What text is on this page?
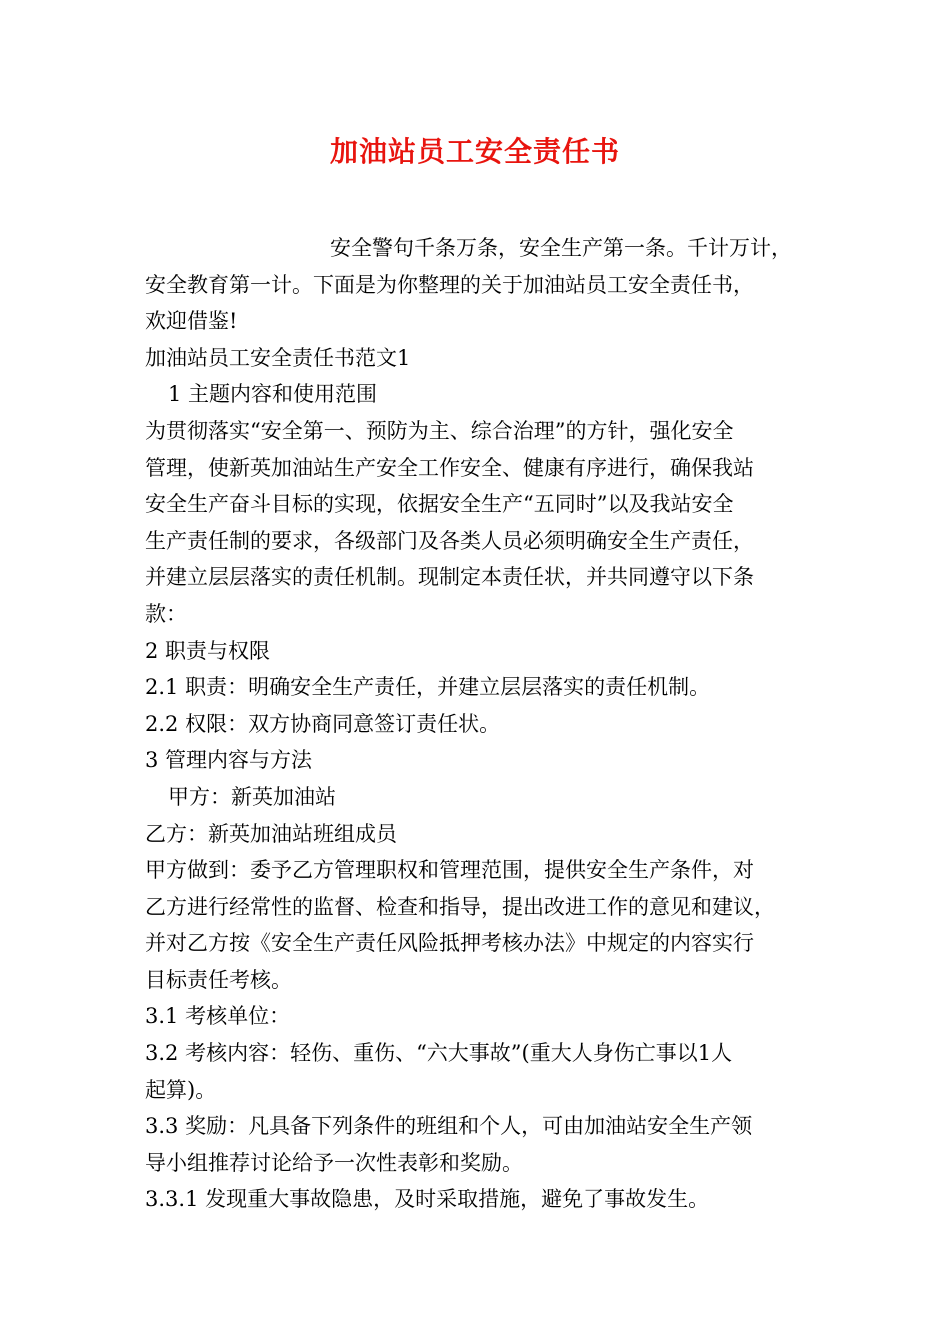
加油站员工安全责任书
安全警句千条万条，安全生产第一条。千计万计，
安全教育第一计。下面是为你整理的关于加油站员工安全责任书，
欢迎借鉴!
加油站员工安全责任书范文1
1 主题内容和使用范围
为贯彻落实“安全第一、预防为主、综合治理”的方针，强化安全
管理，使新英加油站生产安全工作安全、健康有序进行，确保我站
安全生产奋斗目标的实现，依据安全生产“五同时”以及我站安全
生产责任制的要求，各级部门及各类人员必须明确安全生产责任，
并建立层层落实的责任机制。现制定本责任状，并共同遵守以下条
款：
2 职责与权限
2.1 职责：明确安全生产责任，并建立层层落实的责任机制。
2.2 权限：双方协商同意签订责任状。
3 管理内容与方法
甲方：新英加油站
乙方：新英加油站班组成员
甲方做到：委予乙方管理职权和管理范围，提供安全生产条件，对
乙方进行经常性的监督、检查和指导，提出改进工作的意见和建议，
并对乙方按《安全生产责任风险抵押考核办法》中规定的内容实行
目标责任考核。
3.1 考核单位：
3.2 考核内容：轻伤、重伤、“六大事故”(重大人身伤亡事以1人
起算)。
3.3 奖励：凡具备下列条件的班组和个人，可由加油站安全生产领
导小组推荐讨论给予一次性表彰和奖励。
3.3.1 发现重大事故隐患，及时采取措施，避免了事故发生。
